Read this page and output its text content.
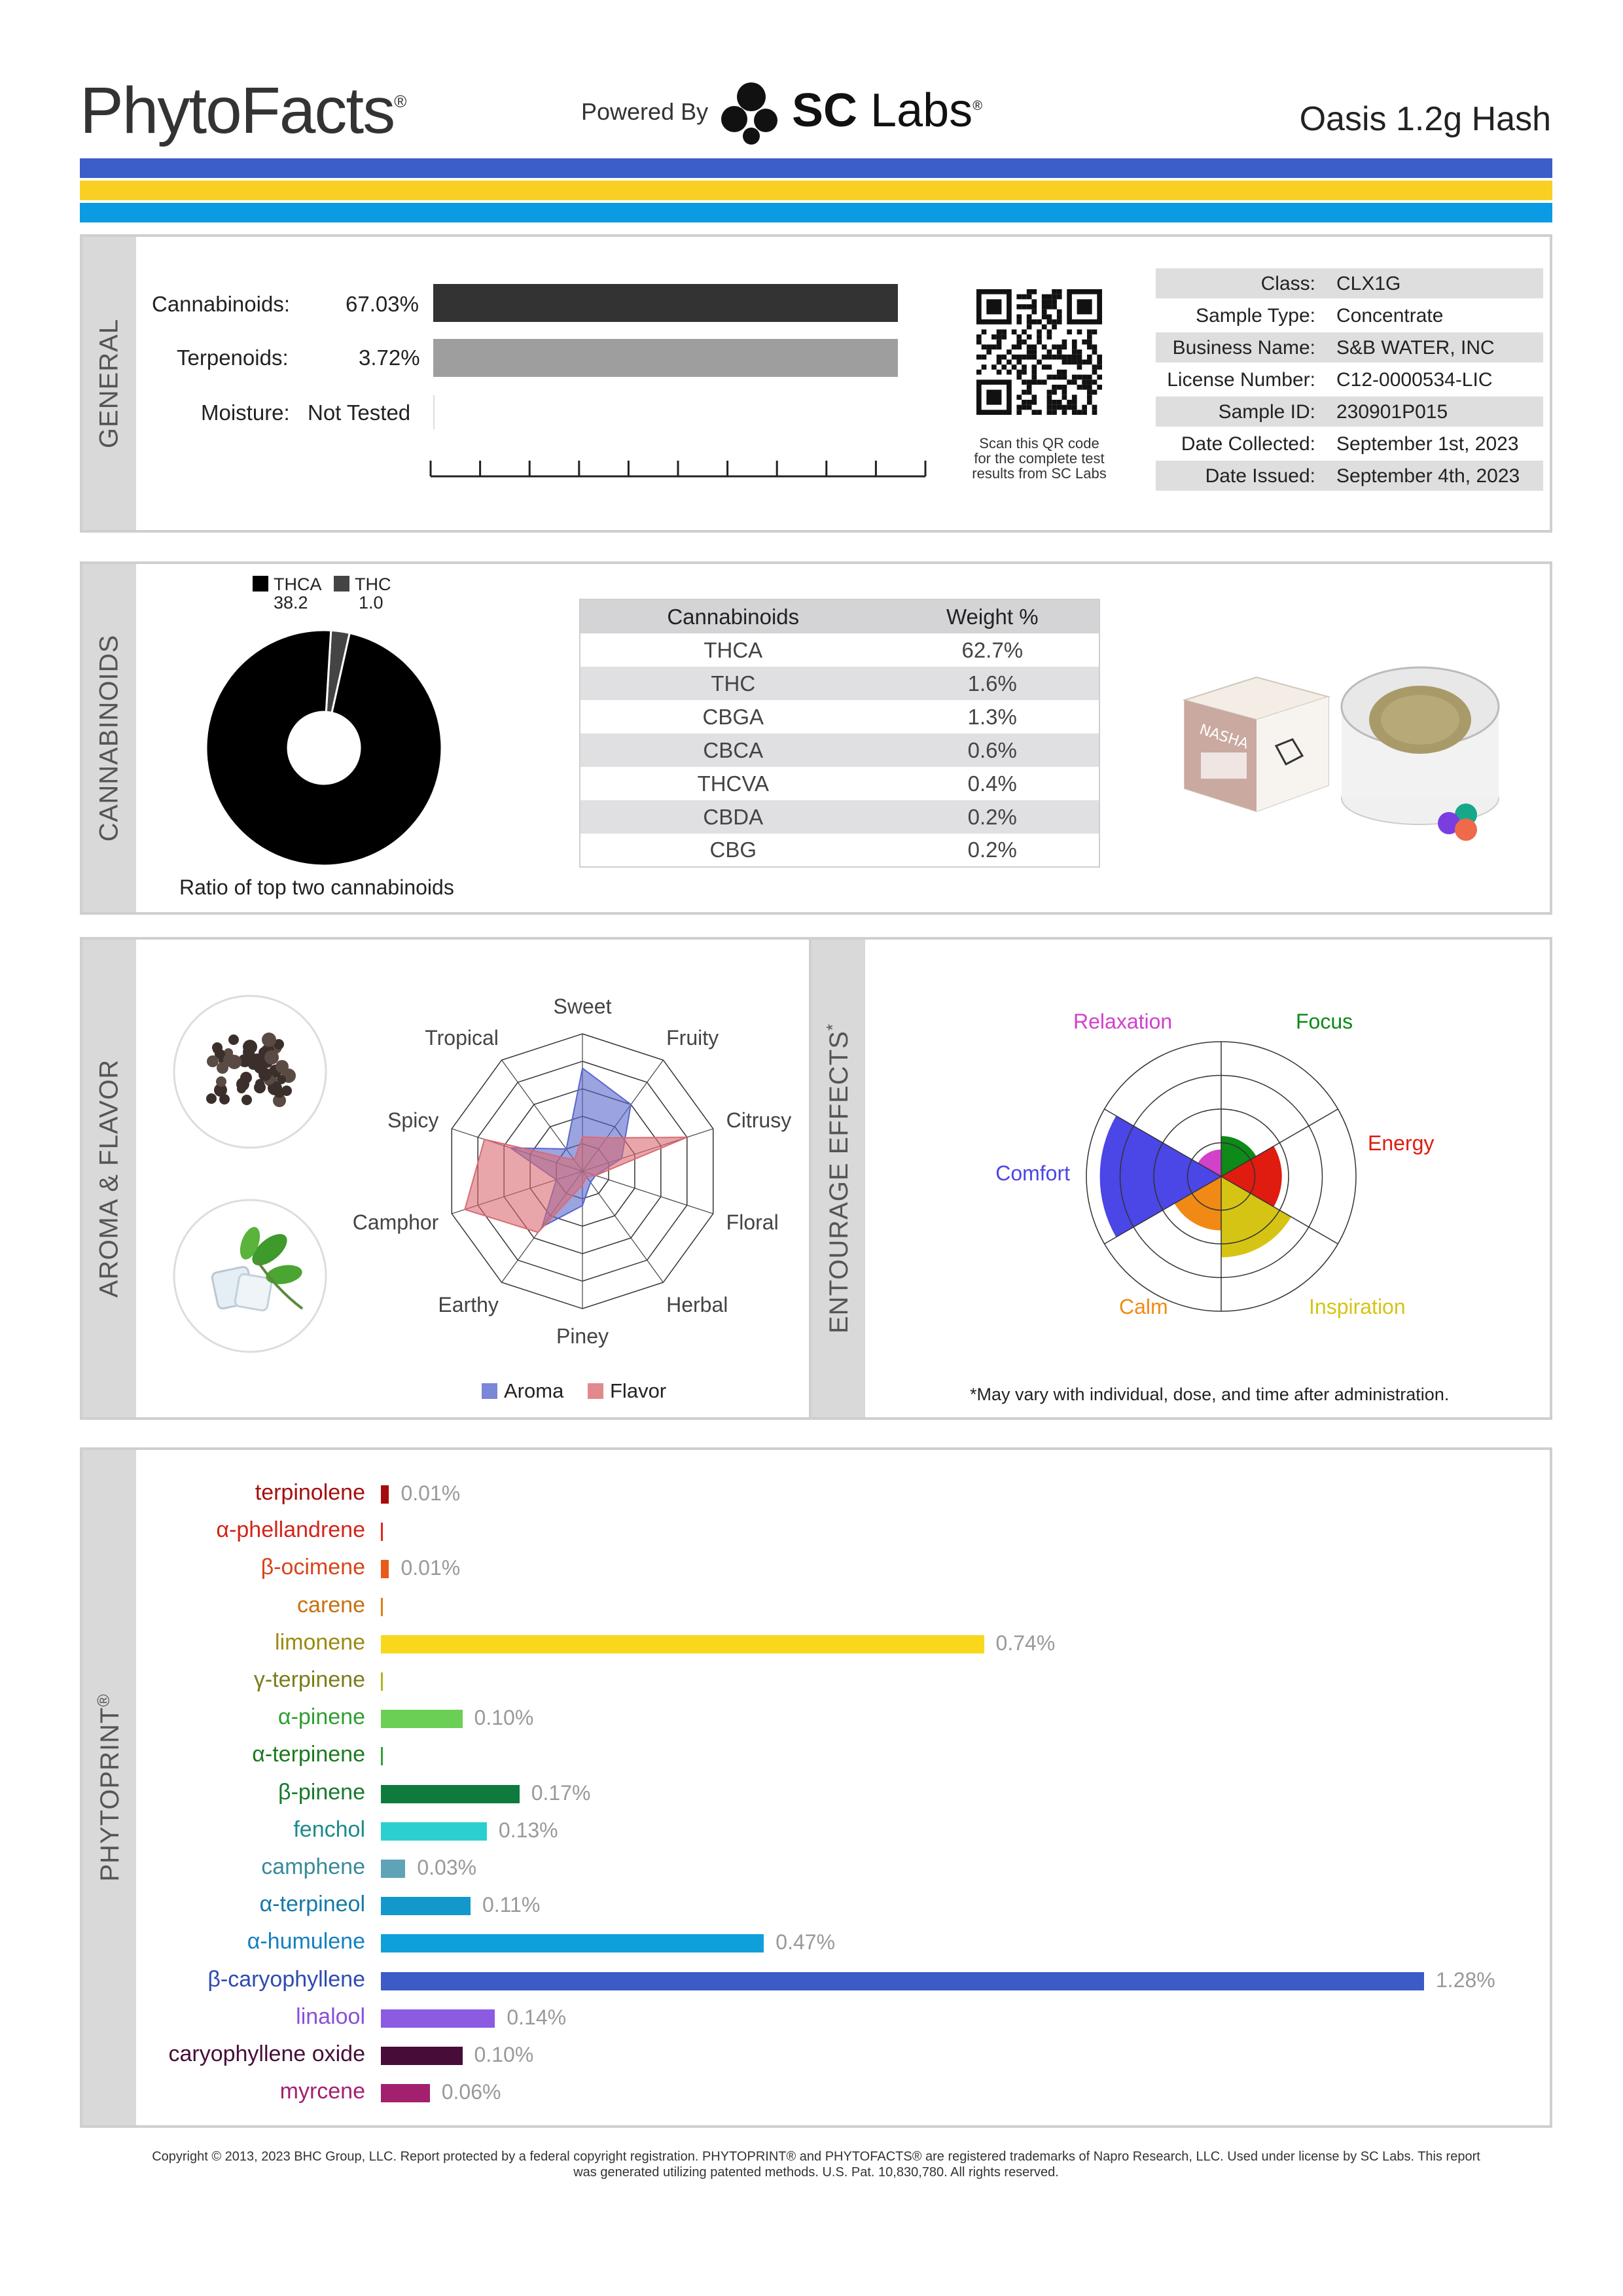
PhytoFacts®	Powered By SC Labs®	Oasis 1.2g Hash
GENERAL
Cannabinoids:	67.03%
Terpenoids:	3.72%
Moisture: Not Tested
Scan this QR code
for the complete test
results from SC Labs
Class: CLX1G
Sample Type: Concentrate
Business Name: S&B WATER, INC
License Number: C12-0000534-LIC
Sample ID: 230901P015
Date Collected: September 1st, 2023
Date Issued: September 4th, 2023
CANNABINOIDS
THCA
38.2
THC
1.0
Ratio of top two cannabinoids
Cannabinoids	Weight %
THCA	62.7%
THC	1.6%
CBGA	1.3%
CBCA	0.6%
THCVA	0.4%
CBDA	0.2%
CBG	0.2%
NASHA
AROMA & FLAVOR
Sweet
Fruity
Citrusy
Floral
Herbal
Piney
Earthy
Camphor
Spicy
Tropical
Aroma Flavor
ENTOURAGE EFFECTS*	Focus
Energy
Inspiration
Calm
Comfort
Relaxation
*May vary with individual, dose, and time after administration.
PHYTOPRINT®
terpinolene 0.01%
α-phellandrene
β-ocimene 0.01%
carene
limonene	0.74%
γ-terpinene
α-pinene	0.10%
α-terpinene
β-pinene	0.17%
fenchol	0.13%
camphene 0.03%
α-terpineol	0.11%
α-humulene	0.47%
β-caryophyllene	1.28%
linalool	0.14%
caryophyllene oxide	0.10%
myrcene	0.06%
Copyright © 2013, 2023 BHC Group, LLC. Report protected by a federal copyright registration. PHYTOPRINT® and PHYTOFACTS® are registered trademarks of Napro Research, LLC. Used under license by SC Labs. This report
was generated utilizing patented methods. U.S. Pat. 10,830,780. All rights reserved.
